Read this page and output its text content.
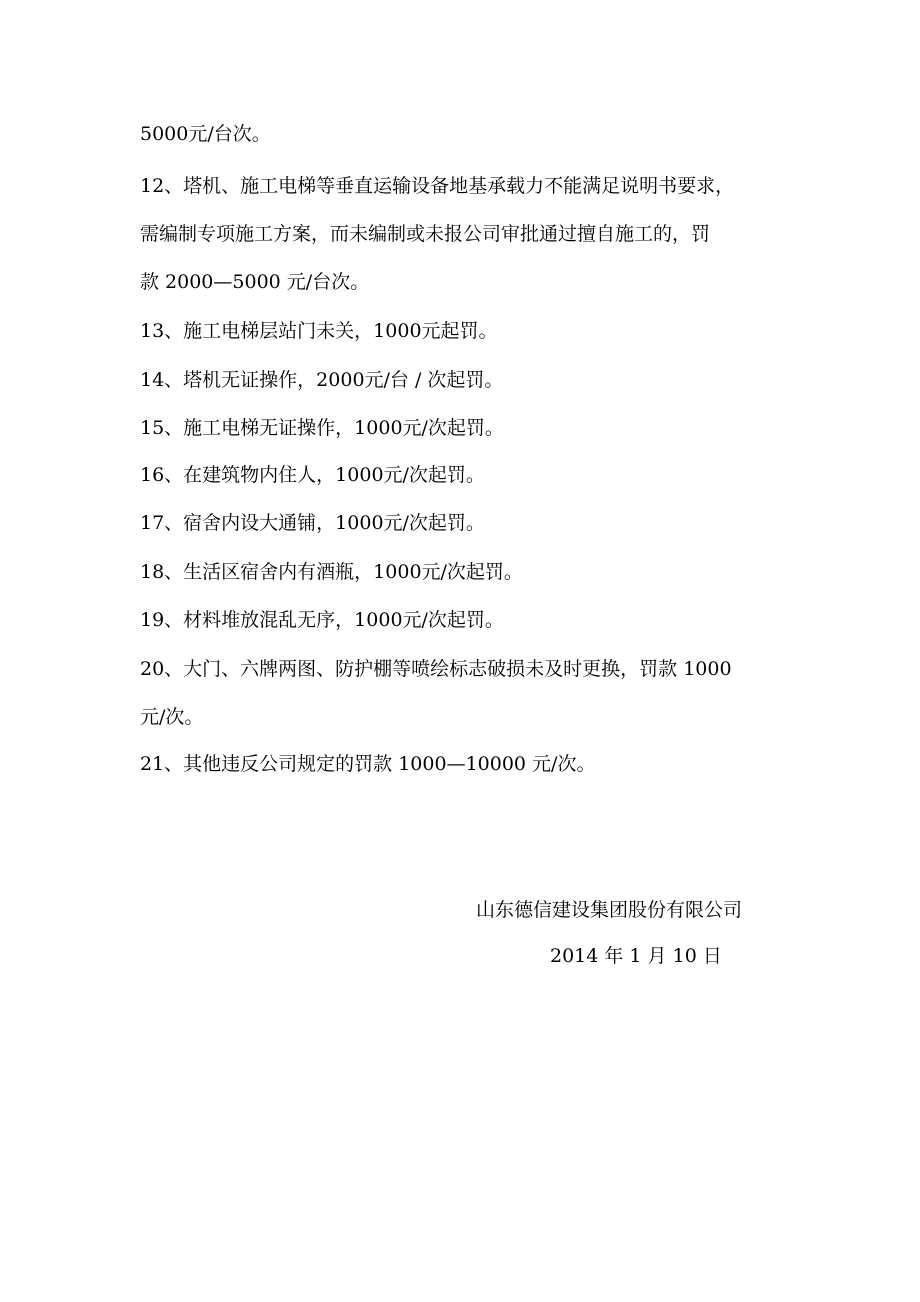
5000元/台次。
12、塔机、施工电梯等垂直运输设备地基承载力不能满足说明书要求，
需编制专项施工方案，而未编制或未报公司审批通过擅自施工的，罚
款 2000—5000 元/台次。
13、施工电梯层站门未关，1000元起罚。
14、塔机无证操作，2000元/台 / 次起罚。
15、施工电梯无证操作，1000元/次起罚。
16、在建筑物内住人，1000元/次起罚。
17、宿舍内设大通铺，1000元/次起罚。
18、生活区宿舍内有酒瓶，1000元/次起罚。
19、材料堆放混乱无序，1000元/次起罚。
20、大门、六牌两图、防护棚等喷绘标志破损未及时更换，罚款 1000
元/次。
21、其他违反公司规定的罚款 1000—10000 元/次。
山东德信建设集团股份有限公司
2014 年 1 月 10 日
